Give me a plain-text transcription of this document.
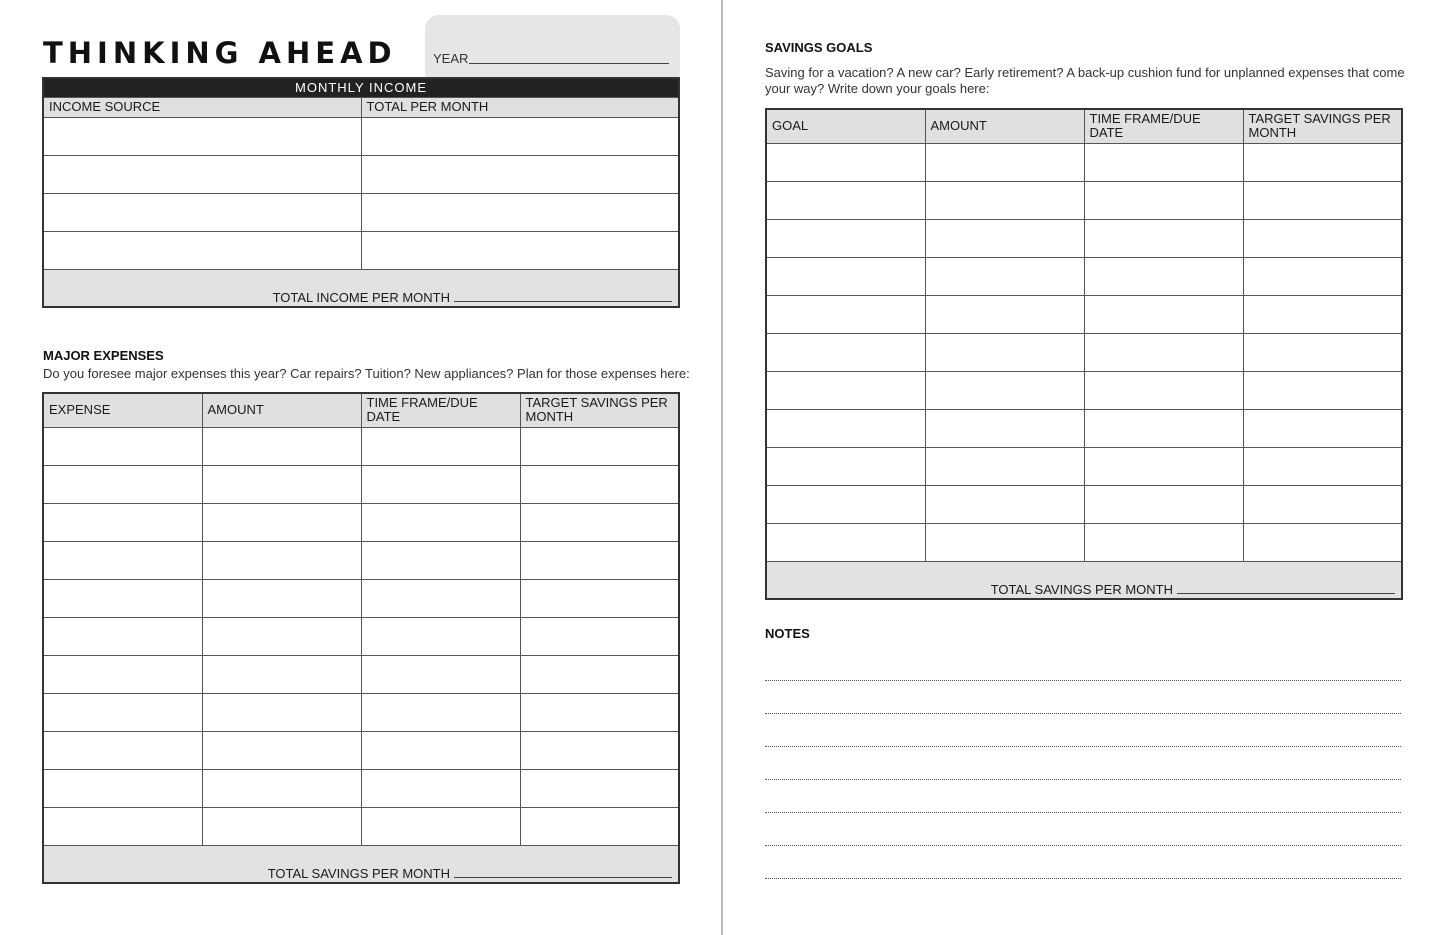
THINKING AHEAD	YEAR
MONTHLY INCOME	
INCOME SOURCE	TOTAL PER MONTH

TOTAL INCOME PER MONTH	
MAJOR EXPENSES
Do you foresee major expenses this year? Car repairs? Tuition? New appliances? Plan for those expenses here:
EXPENSE	AMOUNT	TIME FRAME/DUE DATE	TARGET SAVINGS PER MONTH

TOTAL SAVINGS PER MONTH			
SAVINGS GOALS
Saving for a vacation? A new car? Early retirement? A back-up cushion fund for unplanned expenses that come your way? Write down your goals here:
GOAL	AMOUNT	TIME FRAME/DUE DATE	TARGET SAVINGS PER MONTH

TOTAL SAVINGS PER MONTH			
NOTES
